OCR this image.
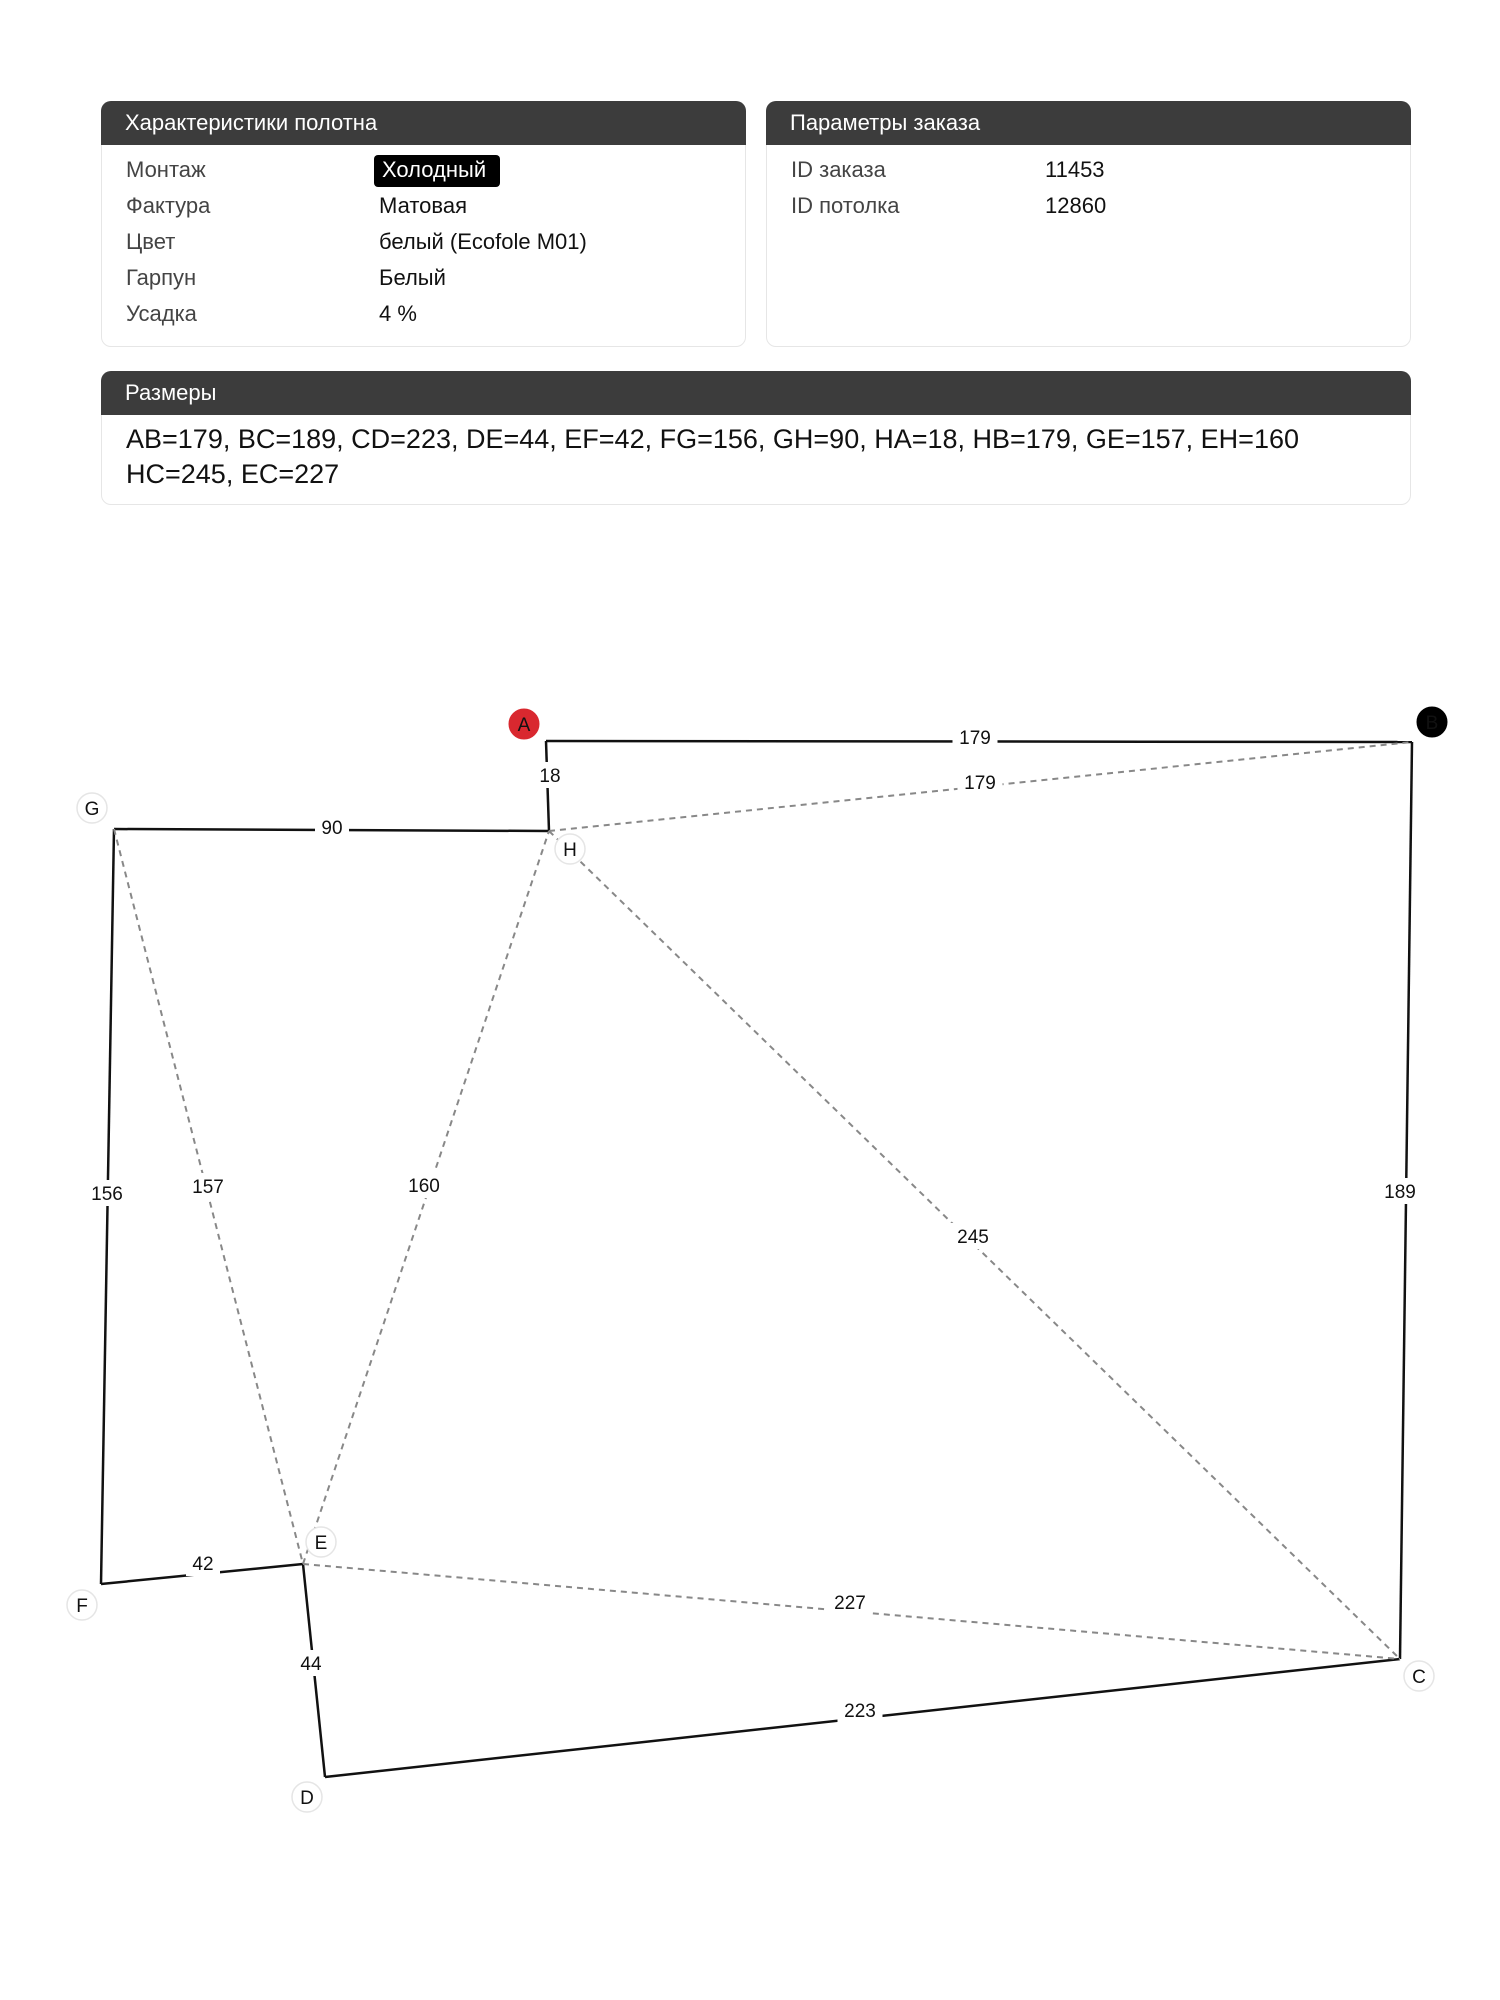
Характеристики полотна
Монтаж	Холодный
Фактура	Матовая
Цвет	белый (Ecofole M01)
Гарпун	Белый
Усадка	4 %
Параметры заказа
ID заказа	11453
ID потолка	12860
Размеры
AB=179, BC=189, CD=223, DE=44, EF=42, FG=156, GH=90, HA=18, HB=179, GE=157, EH=160
HC=245, EC=227
179
189
223
44
42
156
90
18	179
157	160
245
227
A	B
C
D
E
F
G
H
